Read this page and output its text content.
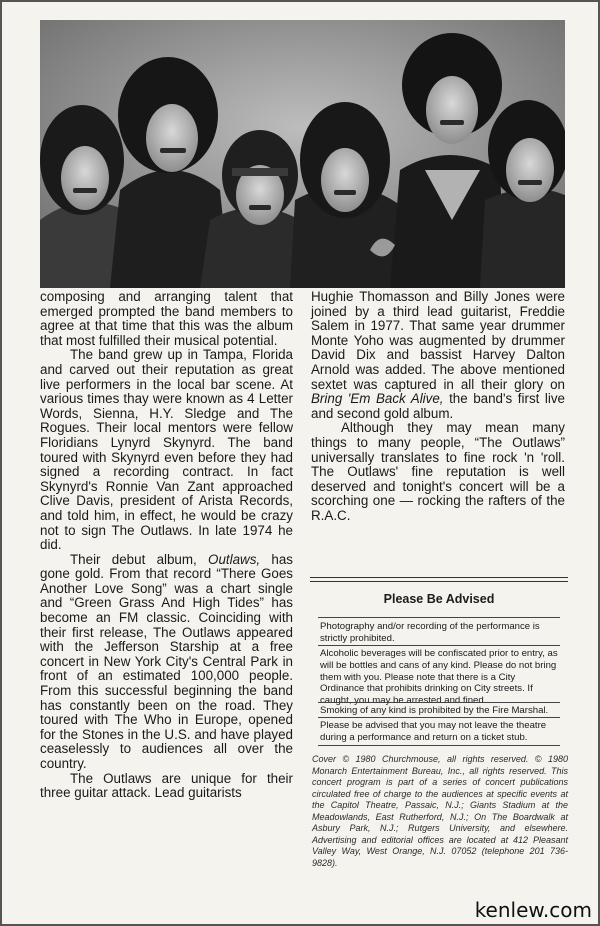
composing and arranging talent that emerged prompted the band members to agree at that time that this was the album that most fulfilled their musical potential.

The band grew up in Tampa, Florida and carved out their reputation as great live performers in the local bar scene. At various times thay were known as 4 Letter Words, Sienna, H.Y. Sledge and The Rogues. Their local mentors were fellow Floridians Lynyrd Skynyrd. The band toured with Skynyrd even before they had signed a recording contract. In fact Skynyrd's Ronnie Van Zant approached Clive Davis, president of Arista Records, and told him, in effect, he would be crazy not to sign The Outlaws. In late 1974 he did.

Their debut album, Outlaws, has gone gold. From that record “There Goes Another Love Song” was a chart single and “Green Grass And High Tides” has become an FM classic. Coinciding with their first release, The Outlaws appeared with the Jefferson Starship at a free concert in New York City's Central Park in front of an estimated 100,000 people. From this successful beginning the band has constantly been on the road. They toured with The Who in Europe, opened for the Stones in the U.S. and have played ceaselessly to audiences all over the country.

The Outlaws are unique for their three guitar attack. Lead guitarists

Hughie Thomasson and Billy Jones were joined by a third lead guitarist, Freddie Salem in 1977. That same year drummer Monte Yoho was augmented by drummer David Dix and bassist Harvey Dalton Arnold was added. The above mentioned sextet was captured in all their glory on Bring 'Em Back Alive, the band's first live and second gold album.

Although they may mean many things to many people, “The Outlaws” universally translates to fine rock 'n 'roll. The Outlaws' fine reputation is well deserved and tonight's concert will be a scorching one — rocking the rafters of the R.A.C.

Please Be Advised
Photography and/or recording of the performance is strictly prohibited.
Alcoholic beverages will be confiscated prior to entry, as will be bottles and cans of any kind. Please do not bring them with you. Please note that there is a City Ordinance that prohibits drinking on City streets. If caught, you may be arrested and fined.
Smoking of any kind is prohibited by the Fire Marshal.
Please be advised that you may not leave the theatre during a performance and return on a ticket stub.
Cover © 1980 Churchmouse, all rights reserved. © 1980 Monarch Entertainment Bureau, Inc., all rights reserved. This concert program is part of a series of concert publications circulated free of charge to the audiences at specific events at the Capitol Theatre, Passaic, N.J.; Giants Stadium at the Meadowlands, East Rutherford, N.J.; On The Boardwalk at Asbury Park, N.J.; Rutgers University, and elsewhere. Advertising and editorial offices are located at 412 Pleasant Valley Way, West Orange, N.J. 07052 (telephone 201 736-9828).
kenlew.com
